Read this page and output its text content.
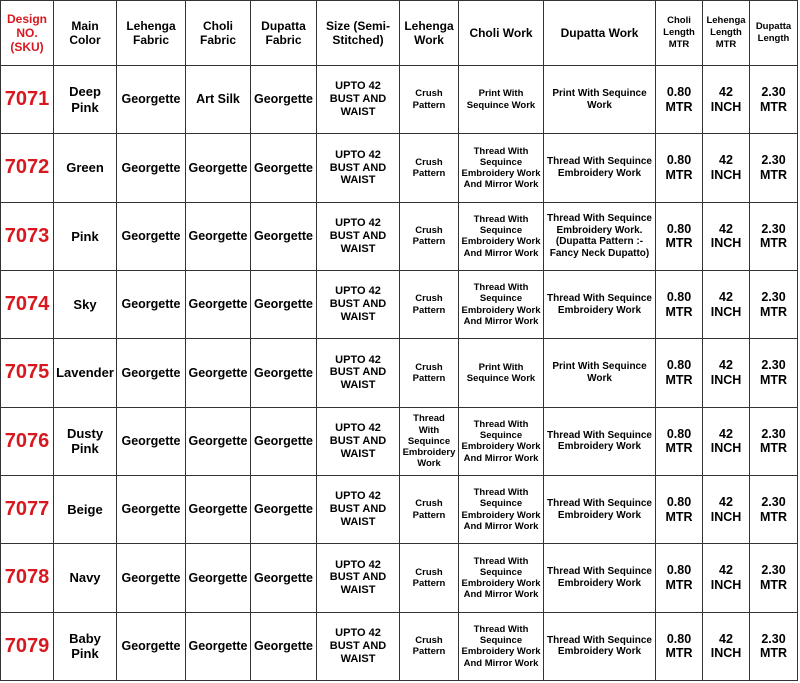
Design NO. (SKU)	Main Color	Lehenga Fabric	Choli Fabric	Dupatta Fabric	Size (Semi-Stitched)	Lehenga Work	Choli Work	Dupatta Work	Choli Length MTR	Lehenga Length MTR	Dupatta Length
7071	Deep Pink	Georgette	Art Silk	Georgette	UPTO 42 BUST AND WAIST	Crush Pattern	Print With Sequince Work	Print With Sequince Work	0.80 MTR	42 INCH	2.30 MTR
7072	Green	Georgette	Georgette	Georgette	UPTO 42 BUST AND WAIST	Crush Pattern	Thread With Sequince Embroidery Work And Mirror Work	Thread With Sequince Embroidery Work	0.80 MTR	42 INCH	2.30 MTR
7073	Pink	Georgette	Georgette	Georgette	UPTO 42 BUST AND WAIST	Crush Pattern	Thread With Sequince Embroidery Work And Mirror Work	Thread With Sequince Embroidery Work. (Dupatta Pattern :- Fancy Neck Dupatto)	0.80 MTR	42 INCH	2.30 MTR
7074	Sky	Georgette	Georgette	Georgette	UPTO 42 BUST AND WAIST	Crush Pattern	Thread With Sequince Embroidery Work And Mirror Work	Thread With Sequince Embroidery Work	0.80 MTR	42 INCH	2.30 MTR
7075	Lavender	Georgette	Georgette	Georgette	UPTO 42 BUST AND WAIST	Crush Pattern	Print With Sequince Work	Print With Sequince Work	0.80 MTR	42 INCH	2.30 MTR
7076	Dusty Pink	Georgette	Georgette	Georgette	UPTO 42 BUST AND WAIST	Thread With Sequince Embroidery Work	Thread With Sequince Embroidery Work And Mirror Work	Thread With Sequince Embroidery Work	0.80 MTR	42 INCH	2.30 MTR
7077	Beige	Georgette	Georgette	Georgette	UPTO 42 BUST AND WAIST	Crush Pattern	Thread With Sequince Embroidery Work And Mirror Work	Thread With Sequince Embroidery Work	0.80 MTR	42 INCH	2.30 MTR
7078	Navy	Georgette	Georgette	Georgette	UPTO 42 BUST AND WAIST	Crush Pattern	Thread With Sequince Embroidery Work And Mirror Work	Thread With Sequince Embroidery Work	0.80 MTR	42 INCH	2.30 MTR
7079	Baby Pink	Georgette	Georgette	Georgette	UPTO 42 BUST AND WAIST	Crush Pattern	Thread With Sequince Embroidery Work And Mirror Work	Thread With Sequince Embroidery Work	0.80 MTR	42 INCH	2.30 MTR
